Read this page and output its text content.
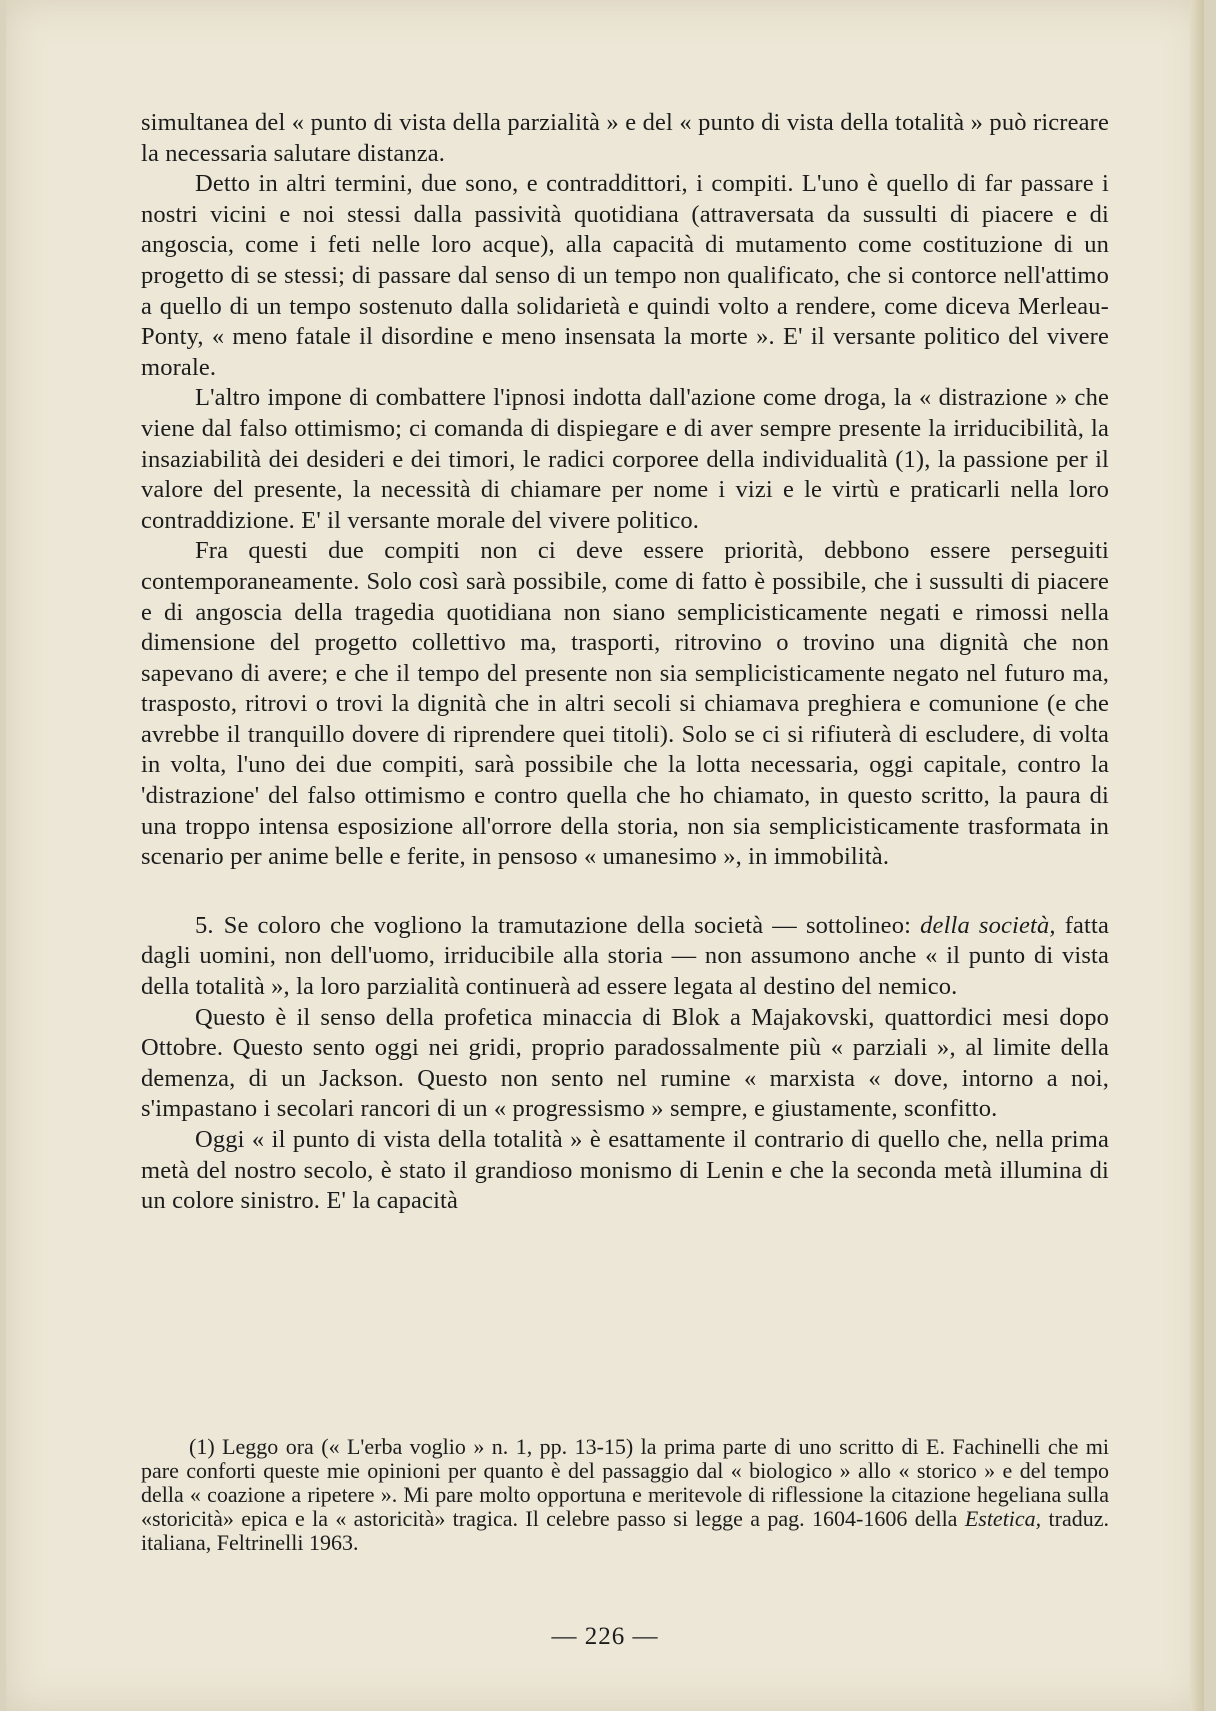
simultanea del « punto di vista della parzialità » e del « punto di vista della totalità » può ricreare la necessaria salutare distanza.

Detto in altri termini, due sono, e contraddittori, i compiti. L'uno è quello di far passare i nostri vicini e noi stessi dalla passività quotidiana (attraversata da sussulti di piacere e di angoscia, come i feti nelle loro acque), alla capacità di mutamento come costituzione di un progetto di se stessi; di passare dal senso di un tempo non qualificato, che si contorce nell'attimo a quello di un tempo sostenuto dalla solidarietà e quindi volto a rendere, come diceva Merleau-Ponty, « meno fatale il disordine e meno insensata la morte ». E' il versante politico del vivere morale.

L'altro impone di combattere l'ipnosi indotta dall'azione come droga, la « distrazione » che viene dal falso ottimismo; ci comanda di dispiegare e di aver sempre presente la irriducibilità, la insaziabilità dei desideri e dei timori, le radici corporee della individualità (1), la passione per il valore del presente, la necessità di chiamare per nome i vizi e le virtù e praticarli nella loro contraddizione. E' il versante morale del vivere politico.

Fra questi due compiti non ci deve essere priorità, debbono essere perseguiti contemporaneamente. Solo così sarà possibile, come di fatto è possibile, che i sussulti di piacere e di angoscia della tragedia quotidiana non siano semplicisticamente negati e rimossi nella dimensione del progetto collettivo ma, trasporti, ritrovino o trovino una dignità che non sapevano di avere; e che il tempo del presente non sia semplicisticamente negato nel futuro ma, trasposto, ritrovi o trovi la dignità che in altri secoli si chiamava preghiera e comunione (e che avrebbe il tranquillo dovere di riprendere quei titoli). Solo se ci si rifiuterà di escludere, di volta in volta, l'uno dei due compiti, sarà possibile che la lotta necessaria, oggi capitale, contro la 'distrazione' del falso ottimismo e contro quella che ho chiamato, in questo scritto, la paura di una troppo intensa esposizione all'orrore della storia, non sia semplicisticamente trasformata in scenario per anime belle e ferite, in pensoso « umanesimo », in immobilità.

5. Se coloro che vogliono la tramutazione della società — sottolineo: della società, fatta dagli uomini, non dell'uomo, irriducibile alla storia — non assumono anche « il punto di vista della totalità », la loro parzialità continuerà ad essere legata al destino del nemico.

Questo è il senso della profetica minaccia di Blok a Majakovski, quattordici mesi dopo Ottobre. Questo sento oggi nei gridi, proprio paradossalmente più « parziali », al limite della demenza, di un Jackson. Questo non sento nel rumine « marxista « dove, intorno a noi, s'impastano i secolari rancori di un « progressismo » sempre, e giustamente, sconfitto.

Oggi « il punto di vista della totalità » è esattamente il contrario di quello che, nella prima metà del nostro secolo, è stato il grandioso monismo di Lenin e che la seconda metà illumina di un colore sinistro. E' la capacità

(1) Leggo ora (« L'erba voglio » n. 1, pp. 13-15) la prima parte di uno scritto di E. Fachinelli che mi pare conforti queste mie opinioni per quanto è del passaggio dal « biologico » allo « storico » e del tempo della « coazione a ripetere ». Mi pare molto opportuna e meritevole di riflessione la citazione hegeliana sulla «storicità» epica e la « astoricità» tragica. Il celebre passo si legge a pag. 1604-1606 della Estetica, traduz. italiana, Feltrinelli 1963.

— 226 —
